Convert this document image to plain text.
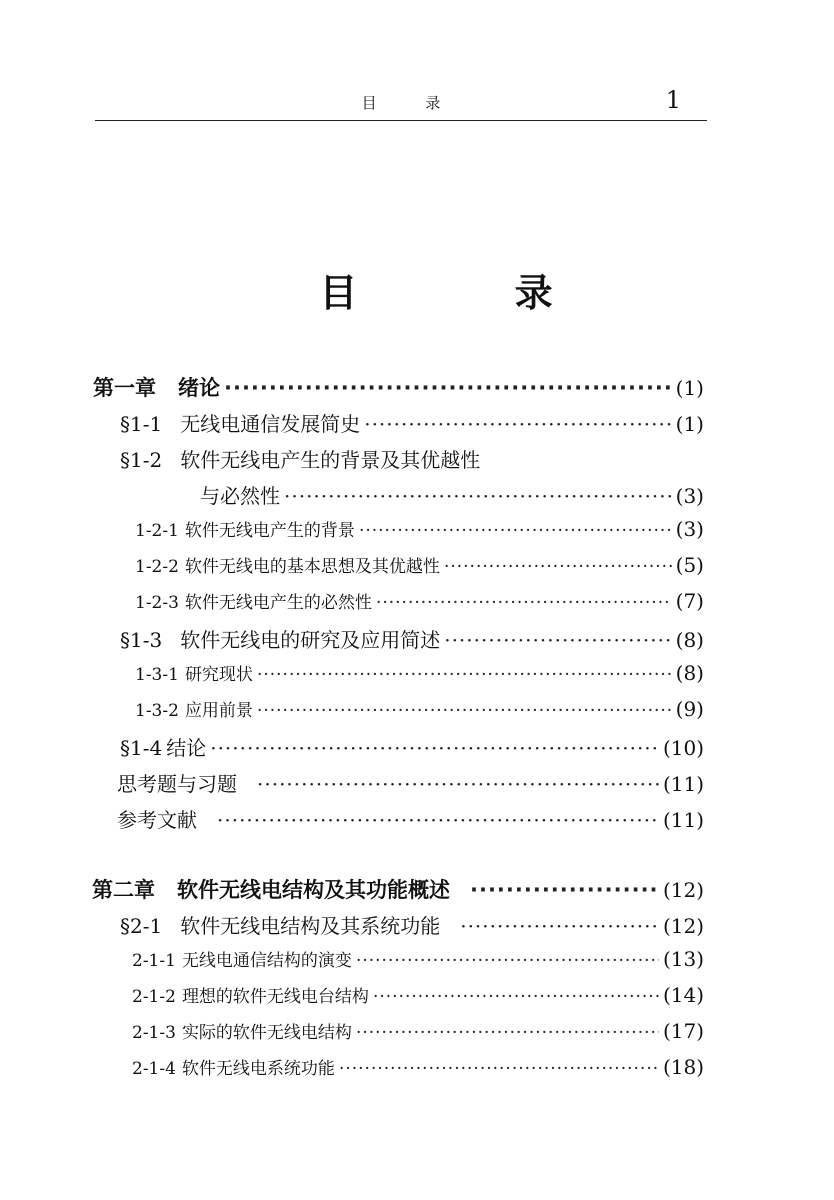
目 录	1
目 录
第一章 绪论 ·····	(1)
§1-1 无线电通信发展简史 ·····	(1)
§1-2 软件无线电产生的背景及其优越性
与必然性 ·····	(3)
1-2-1 软件无线电产生的背景 ·····	(3)
1-2-2 软件无线电的基本思想及其优越性 ·····	(5)
1-2-3 软件无线电产生的必然性 ·····	(7)
§1-3 软件无线电的研究及应用简述 ·····	(8)
1-3-1 研究现状 ·····	(8)
1-3-2 应用前景 ·····	(9)
§1-4 结论 ·····	(10)
思考题与习题 ·····	(11)
参考文献 ·····	(11)
第二章 软件无线电结构及其功能概述 ·····	(12)
§2-1 软件无线电结构及其系统功能 ·····	(12)
2-1-1 无线电通信结构的演变 ·····	(13)
2-1-2 理想的软件无线电台结构 ·····	(14)
2-1-3 实际的软件无线电结构 ·····	(17)
2-1-4 软件无线电系统功能 ·····	(18)
